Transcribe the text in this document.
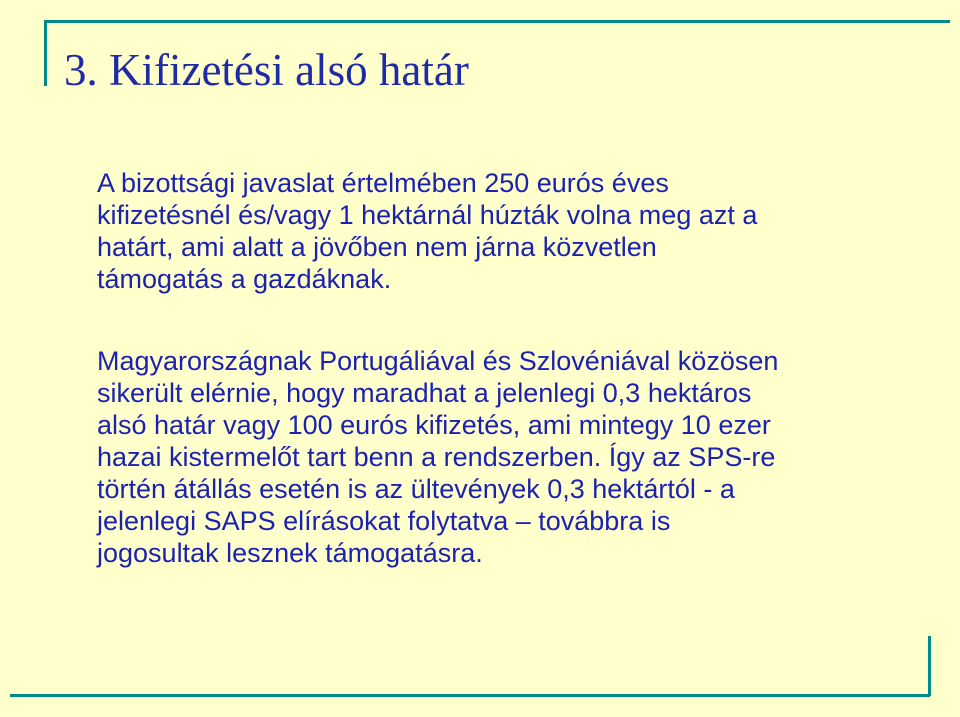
3. Kifizetési alsó határ

A bizottsági javaslat értelmében 250 eurós éves
kifizetésnél és/vagy 1 hektárnál húzták volna meg azt a
határt, ami alatt a jövőben nem járna közvetlen
támogatás a gazdáknak.

Magyarországnak Portugáliával és Szlovéniával közösen
sikerült elérnie, hogy maradhat a jelenlegi 0,3 hektáros
alsó határ vagy 100 eurós kifizetés, ami mintegy 10 ezer
hazai kistermelőt tart benn a rendszerben. Így az SPS-re
történ átállás esetén is az ültevények 0,3 hektártól - a
jelenlegi SAPS elírásokat folytatva – továbbra is
jogosultak lesznek támogatásra.
